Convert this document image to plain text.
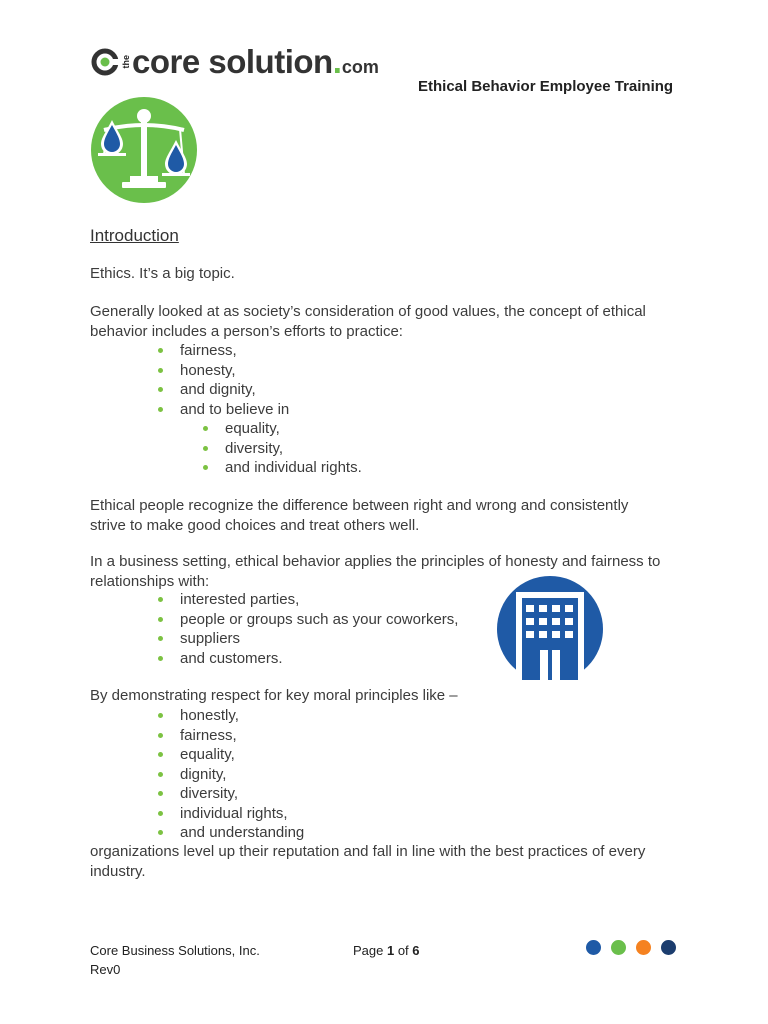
the core solution . com
Ethical Behavior Employee Training
Introduction
Ethics. It’s a big topic.
Generally looked at as society’s consideration of good values, the concept of ethical
behavior includes a person’s efforts to practice:
fairness,
honesty,
and dignity,
and to believe in
equality,
diversity,
and individual rights.
Ethical people recognize the difference between right and wrong and consistently
strive to make good choices and treat others well.
In a business setting, ethical behavior applies the principles of honesty and fairness to
relationships with:
interested parties,
people or groups such as your coworkers,
suppliers
and customers.
By demonstrating respect for key moral principles like –
honestly,
fairness,
equality,
dignity,
diversity,
individual rights,
and understanding
organizations level up their reputation and fall in line with the best practices of every
industry.
Core Business Solutions, Inc.
Rev0
Page 1 of 6
